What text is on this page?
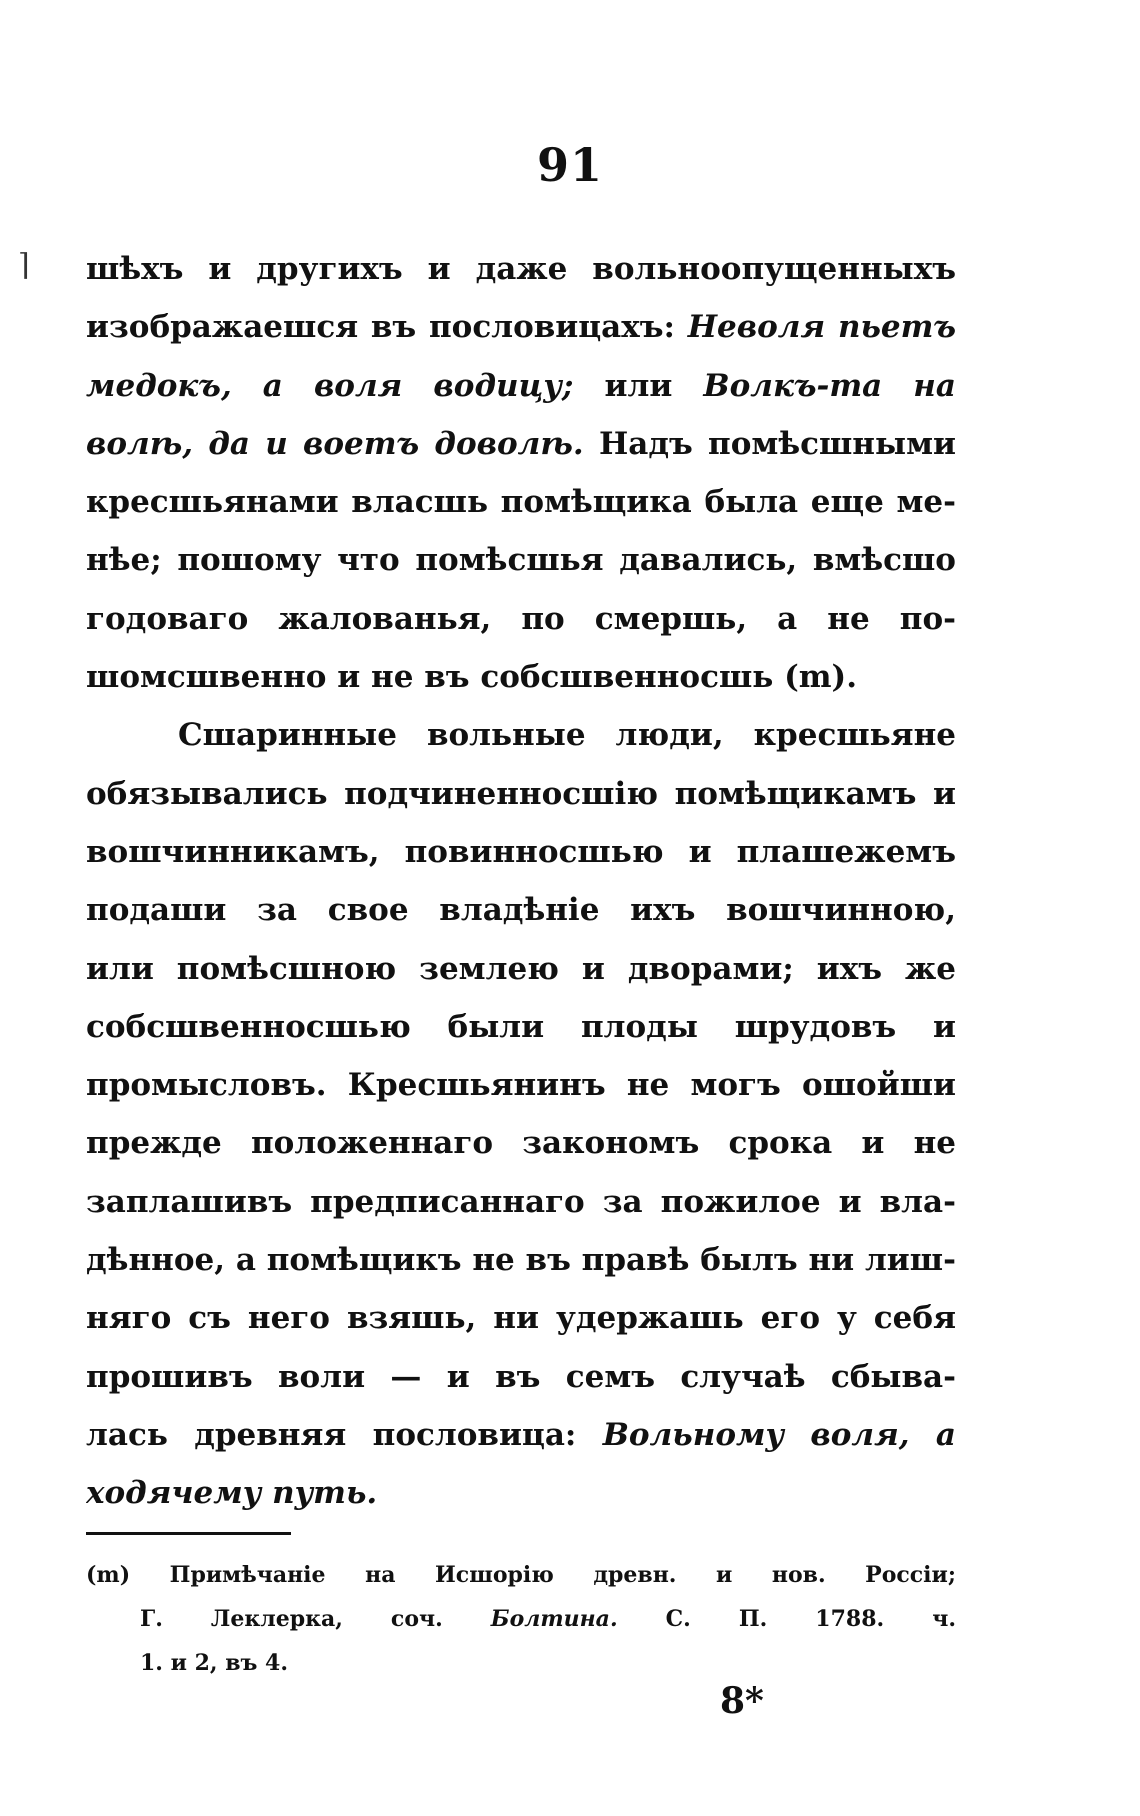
⌉
91
шѣхъ и другихъ и даже вольноопущенныхъ
изображаешся въ пословицахъ: Неволя пьетъ
медокъ, а воля водицу; или Волкъ-та на
волѣ, да и воетъ доволѣ. Надъ помѣсшными
кресшьянами власшь помѣщика была еще ме-
нѣе; пошому что помѣсшья давались, вмѣсшо
годоваго жалованья, по смершь, а не по-
шомсшвенно и не въ собсшвенносшь (m).
Сшаринные вольные люди, кресшьяне
обязывались подчиненносшію помѣщикамъ и
вошчинникамъ, повинносшью и плашежемъ
подаши за свое владѣніе ихъ вошчинною,
или помѣсшною землею и дворами; ихъ же
собсшвенносшью были плоды шрудовъ и
промысловъ. Кресшьянинъ не могъ ошойши
прежде положеннаго закономъ срока и не
заплашивъ предписаннаго за пожилое и вла-
дѣнное, а помѣщикъ не въ правѣ былъ ни лиш-
няго съ него взяшь, ни удержашь его у себя
пpошивъ воли — и въ семъ случаѣ сбыва-
лась древняя пословица: Вольному воля, а
ходячему путь.
(m) Примѣчаніе на Исшорію древн. и нов. Россіи;
Г. Леклерка, соч. Болтина. С. П. 1788. ч.
1. и 2, въ 4.
8*
